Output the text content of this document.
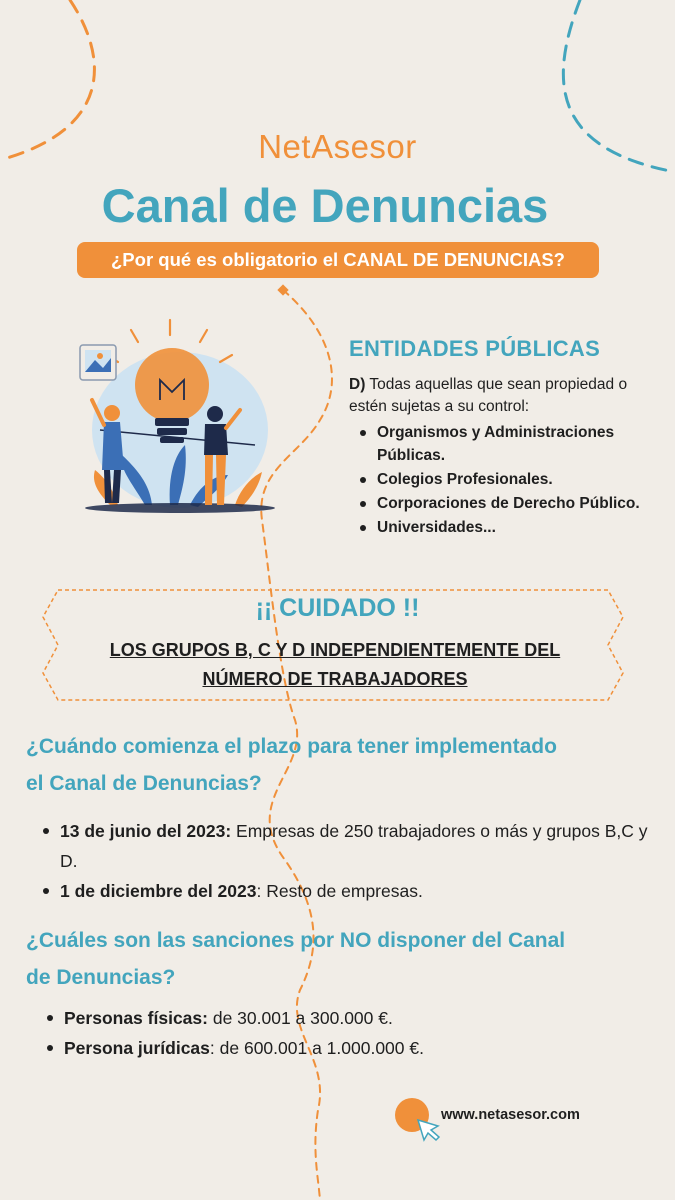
NetAsesor
Canal de Denuncias
¿Por qué es obligatorio el CANAL DE DENUNCIAS?
ENTIDADES PÚBLICAS
D) Todas aquellas que sean propiedad o estén sujetas a su control:
Organismos y Administraciones Públicas.
Colegios Profesionales.
Corporaciones de Derecho Público.
Universidades...
¡¡ CUIDADO !!
LOS GRUPOS B, C Y D INDEPENDIENTEMENTE DEL
NÚMERO DE TRABAJADORES
¿Cuándo comienza el plazo para tener implementado
el Canal de Denuncias?
13 de junio del 2023: Empresas de 250 trabajadores o más y grupos B,C y D.
1 de diciembre del 2023: Resto de empresas.
¿Cuáles son las sanciones por NO disponer del Canal
de Denuncias?
Personas físicas: de 30.001 a 300.000 €.
Persona jurídicas: de 600.001 a 1.000.000 €.
www.netasesor.com
